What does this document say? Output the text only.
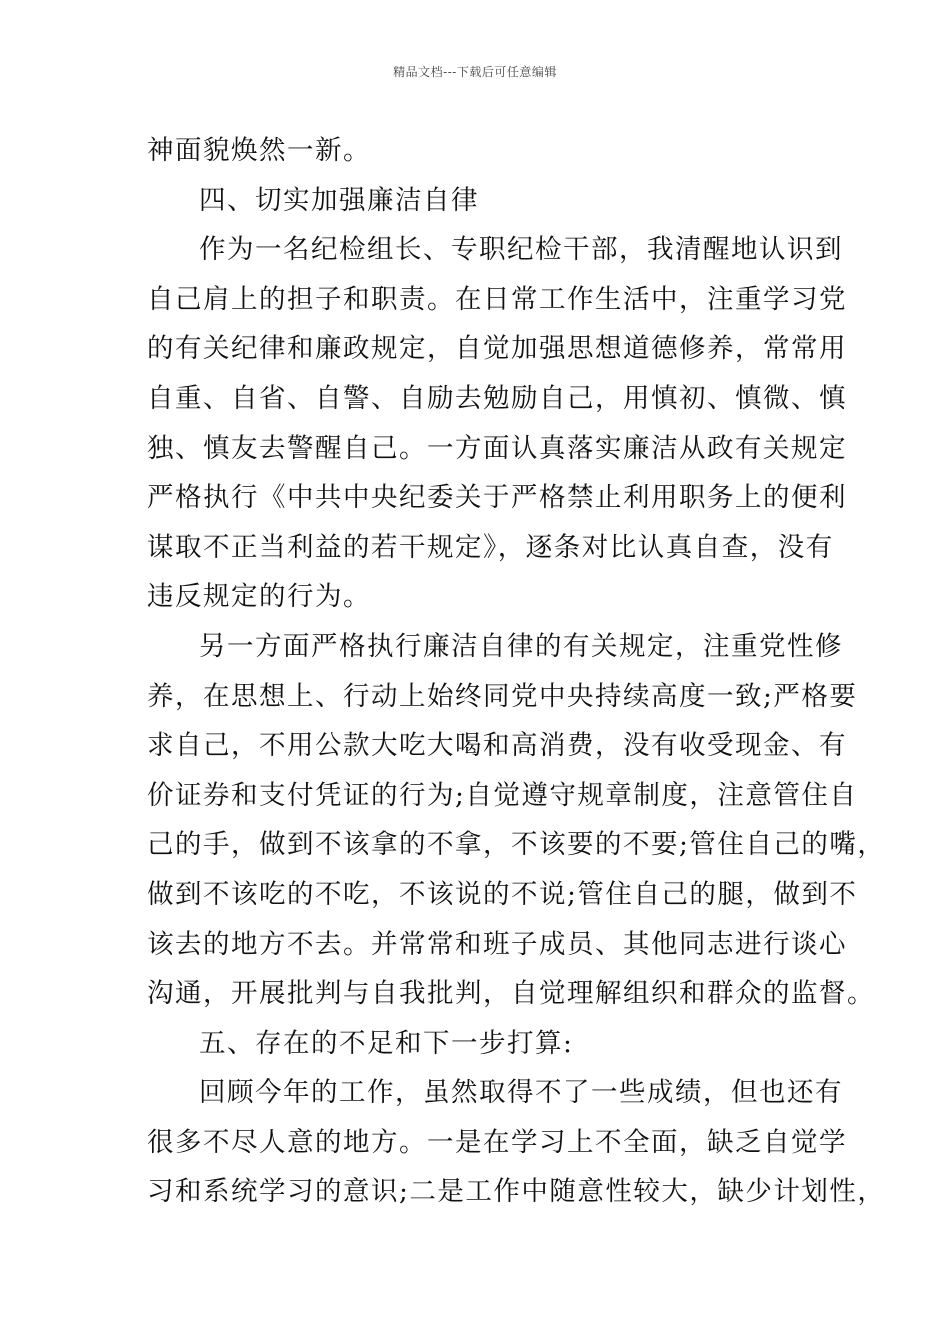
精品文档---下载后可任意编辑
神面貌焕然一新。
四、切实加强廉洁自律
作为一名纪检组长、专职纪检干部，我清醒地认识到
自己肩上的担子和职责。在日常工作生活中，注重学习党
的有关纪律和廉政规定，自觉加强思想道德修养，常常用
自重、自省、自警、自励去勉励自己，用慎初、慎微、慎
独、慎友去警醒自己。一方面认真落实廉洁从政有关规定
严格执行《中共中央纪委关于严格禁止利用职务上的便利
谋取不正当利益的若干规定》，逐条对比认真自查，没有
违反规定的行为。
另一方面严格执行廉洁自律的有关规定，注重党性修
养，在思想上、行动上始终同党中央持续高度一致;严格要
求自己，不用公款大吃大喝和高消费，没有收受现金、有
价证券和支付凭证的行为;自觉遵守规章制度，注意管住自
己的手，做到不该拿的不拿，不该要的不要;管住自己的嘴，
做到不该吃的不吃，不该说的不说;管住自己的腿，做到不
该去的地方不去。并常常和班子成员、其他同志进行谈心
沟通，开展批判与自我批判，自觉理解组织和群众的监督。
五、存在的不足和下一步打算:
回顾今年的工作，虽然取得不了一些成绩，但也还有
很多不尽人意的地方。一是在学习上不全面，缺乏自觉学
习和系统学习的意识;二是工作中随意性较大，缺少计划性，
